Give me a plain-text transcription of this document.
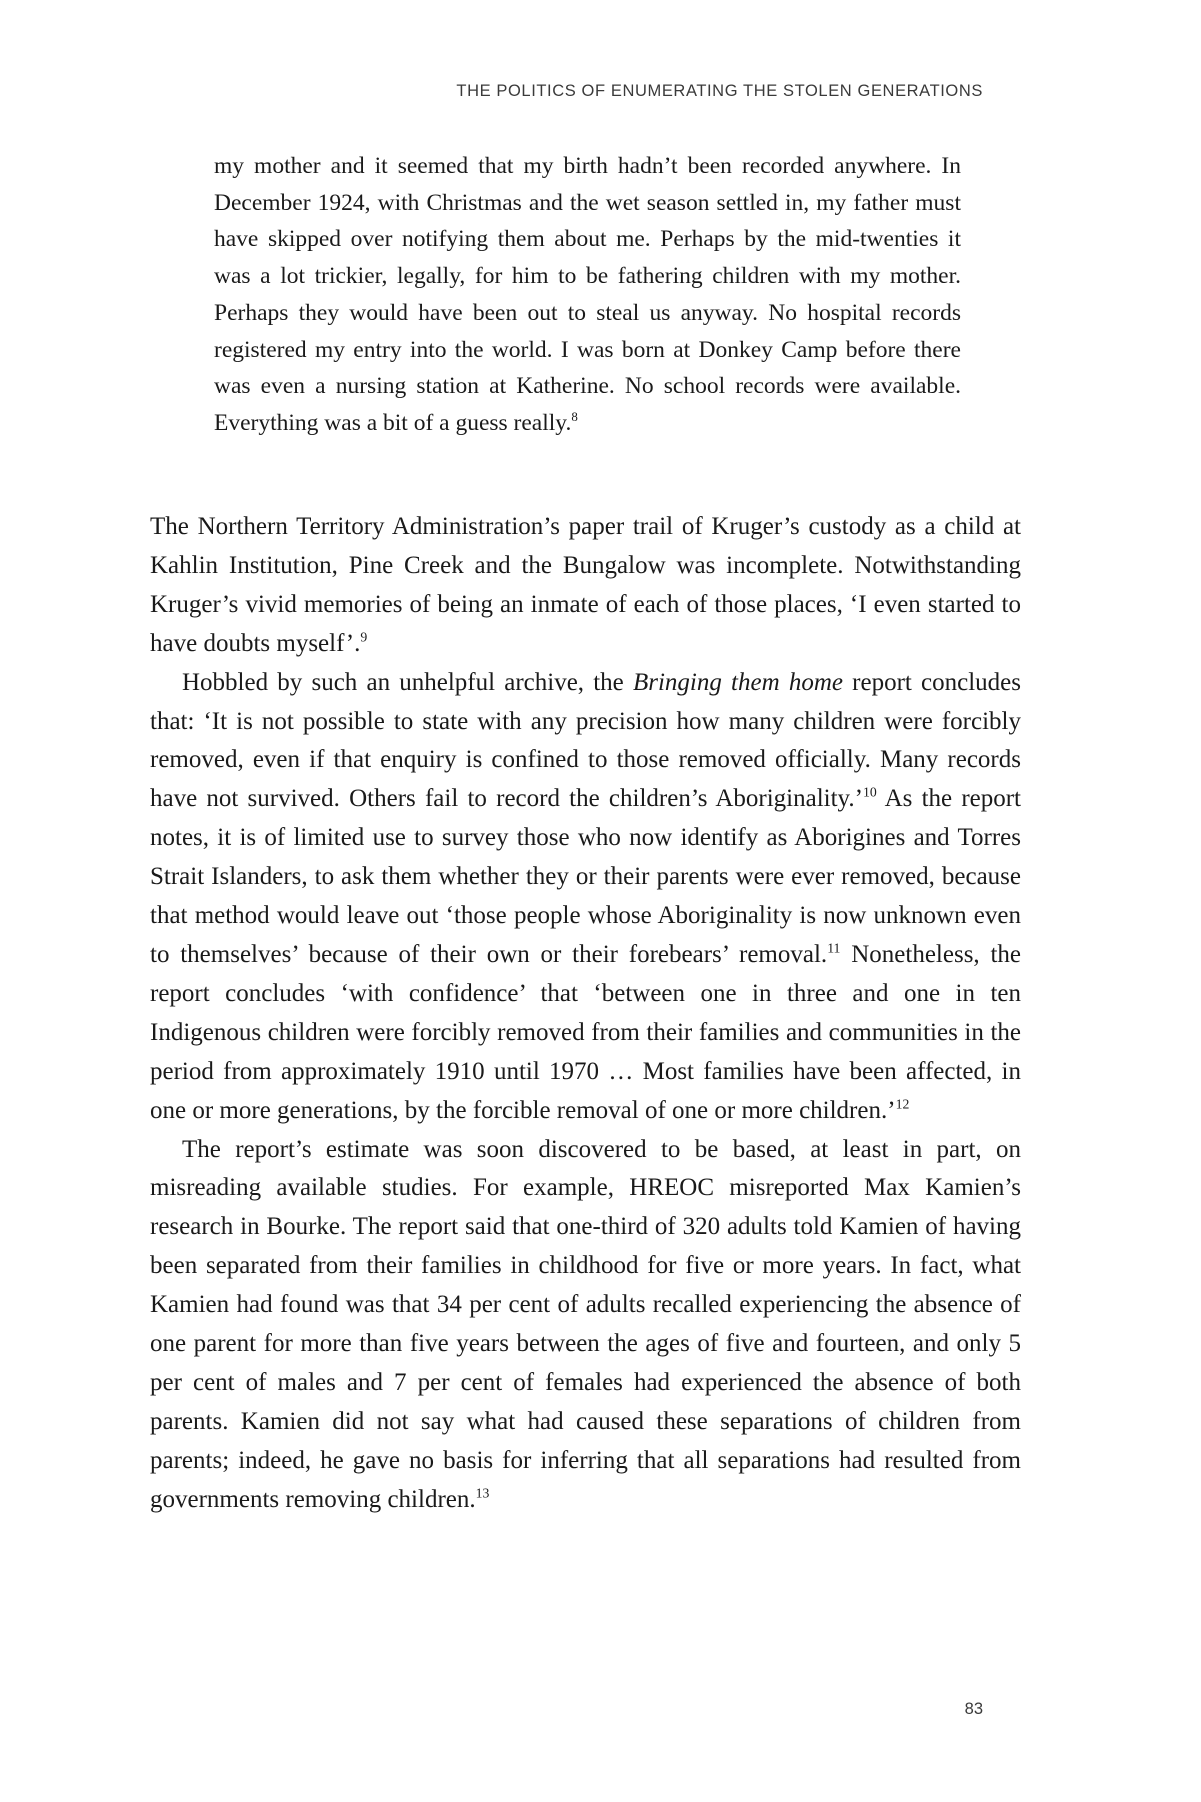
THE POLITICS OF ENUMERATING THE STOLEN GENERATIONS
my mother and it seemed that my birth hadn’t been recorded anywhere. In December 1924, with Christmas and the wet season settled in, my father must have skipped over notifying them about me. Perhaps by the mid-twenties it was a lot trickier, legally, for him to be fathering children with my mother. Perhaps they would have been out to steal us anyway. No hospital records registered my entry into the world. I was born at Donkey Camp before there was even a nursing station at Katherine. No school records were available. Everything was a bit of a guess really.$^8$

The Northern Territory Administration’s paper trail of Kruger’s custody as a child at Kahlin Institution, Pine Creek and the Bungalow was incomplete. Notwithstanding Kruger’s vivid memories of being an inmate of each of those places, ‘I even started to have doubts myself’.$^9$

Hobbled by such an unhelpful archive, the Bringing them home report concludes that: ‘It is not possible to state with any precision how many children were forcibly removed, even if that enquiry is confined to those removed officially. Many records have not survived. Others fail to record the children’s Aboriginality.’$^{10}$ As the report notes, it is of limited use to survey those who now identify as Aborigines and Torres Strait Islanders, to ask them whether they or their parents were ever removed, because that method would leave out ‘those people whose Aboriginality is now unknown even to themselves’ because of their own or their forebears’ removal.$^{11}$ Nonetheless, the report concludes ‘with confidence’ that ‘between one in three and one in ten Indigenous children were forcibly removed from their families and communities in the period from approximately 1910 until 1970 … Most families have been affected, in one or more generations, by the forcible removal of one or more children.’$^{12}$

The report’s estimate was soon discovered to be based, at least in part, on misreading available studies. For example, HREOC misreported Max Kamien’s research in Bourke. The report said that one-third of 320 adults told Kamien of having been separated from their families in childhood for five or more years. In fact, what Kamien had found was that 34 per cent of adults recalled experiencing the absence of one parent for more than five years between the ages of five and fourteen, and only 5 per cent of males and 7 per cent of females had experienced the absence of both parents. Kamien did not say what had caused these separations of children from parents; indeed, he gave no basis for inferring that all separations had resulted from governments removing children.$^{13}$

83
